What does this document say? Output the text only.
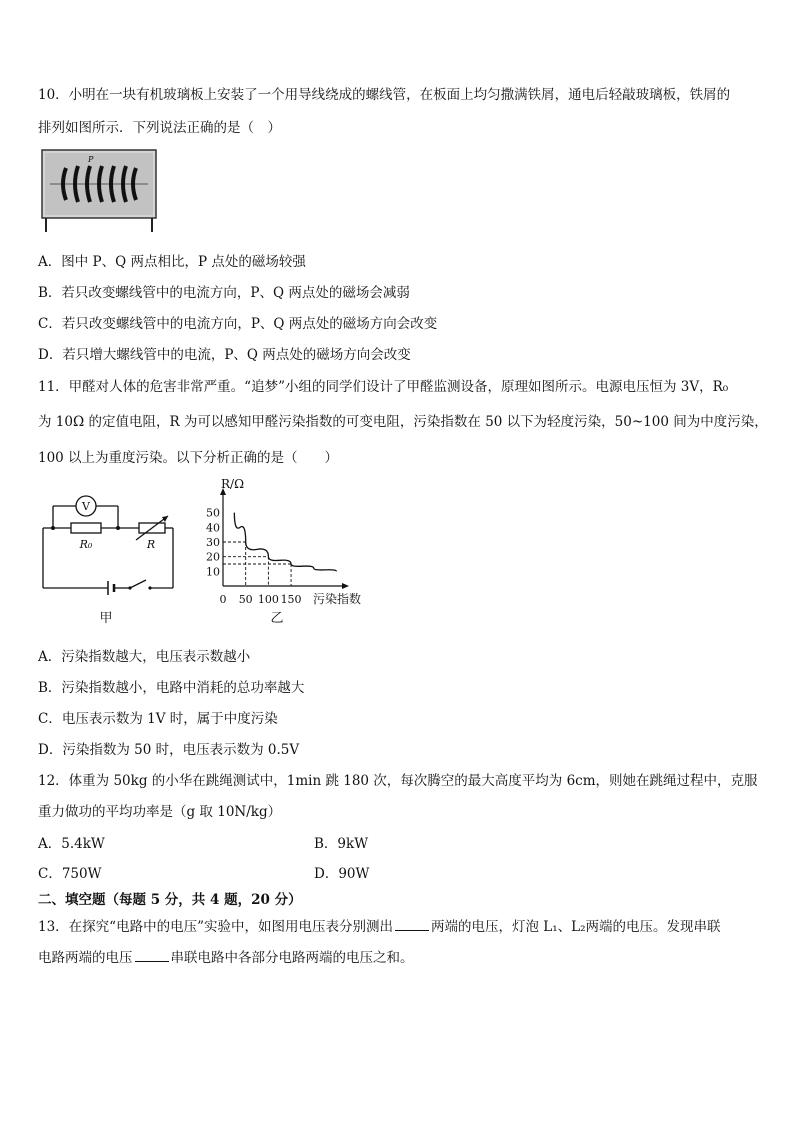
10．小明在一块有机玻璃板上安装了一个用导线绕成的螺线管，在板面上均匀撒满铁屑，通电后轻敲玻璃板，铁屑的
排列如图所示．下列说法正确的是（　）
P
A．图中 P、Q 两点相比，P 点处的磁场较强
B．若只改变螺线管中的电流方向，P、Q 两点处的磁场会减弱
C．若只改变螺线管中的电流方向，P、Q 两点处的磁场方向会改变
D．若只增大螺线管中的电流，P、Q 两点处的磁场方向会改变
11．甲醛对人体的危害非常严重。“追梦”小组的同学们设计了甲醛监测设备，原理如图所示。电源电压恒为 3V，R₀
为 10Ω 的定值电阻，R 为可以感知甲醛污染指数的可变电阻，污染指数在 50 以下为轻度污染，50~100 间为中度污染，
100 以上为重度污染。以下分析正确的是（　　）
V
R₀	R
甲
10
20
30
40
50
0 50 100 150
R/Ω
污染指数
乙
A．污染指数越大，电压表示数越小
B．污染指数越小，电路中消耗的总功率越大
C．电压表示数为 1V 时，属于中度污染
D．污染指数为 50 时，电压表示数为 0.5V
12．体重为 50kg 的小华在跳绳测试中，1min 跳 180 次，每次腾空的最大高度平均为 6cm，则她在跳绳过程中，克服
重力做功的平均功率是（g 取 10N/kg）
A．5.4kW	B．9kW
C．750W	D．90W
二、填空题（每题 5 分，共 4 题，20 分）
13．在探究“电路中的电压”实验中，如图用电压表分别测出	两端的电压，灯泡 L₁、L₂两端的电压。发现串联
电路两端的电压	串联电路中各部分电路两端的电压之和。
